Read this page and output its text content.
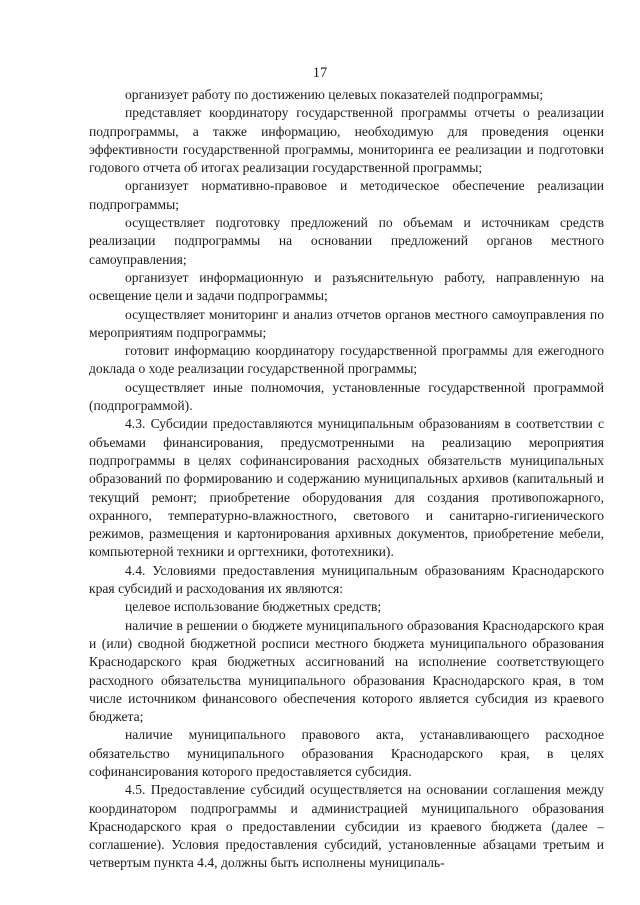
17

организует работу по достижению целевых показателей подпрограммы;

представляет координатору государственной программы отчеты о реализации подпрограммы, а также информацию, необходимую для проведения оценки эффективности государственной программы, мониторинга ее реализации и подготовки годового отчета об итогах реализации государственной программы;

организует нормативно-правовое и методическое обеспечение реализации подпрограммы;

осуществляет подготовку предложений по объемам и источникам средств реализации подпрограммы на основании предложений органов местного самоуправления;

организует информационную и разъяснительную работу, направленную на освещение цели и задачи подпрограммы;

осуществляет мониторинг и анализ отчетов органов местного самоуправления по мероприятиям подпрограммы;

готовит информацию координатору государственной программы для ежегодного доклада о ходе реализации государственной программы;

осуществляет иные полномочия, установленные государственной программой (подпрограммой).

4.3. Субсидии предоставляются муниципальным образованиям в соответствии с объемами финансирования, предусмотренными на реализацию мероприятия подпрограммы в целях софинансирования расходных обязательств муниципальных образований по формированию и содержанию муниципальных архивов (капитальный и текущий ремонт; приобретение оборудования для создания противопожарного, охранного, температурно-влажностного, светового и санитарно-гигиенического режимов, размещения и картонирования архивных документов, приобретение мебели, компьютерной техники и оргтехники, фототехники).

4.4. Условиями предоставления муниципальным образованиям Краснодарского края субсидий и расходования их являются:

целевое использование бюджетных средств;

наличие в решении о бюджете муниципального образования Краснодарского края и (или) сводной бюджетной росписи местного бюджета муниципального образования Краснодарского края бюджетных ассигнований на исполнение соответствующего расходного обязательства муниципального образования Краснодарского края, в том числе источником финансового обеспечения которого является субсидия из краевого бюджета;

наличие муниципального правового акта, устанавливающего расходное обязательство муниципального образования Краснодарского края, в целях софинансирования которого предоставляется субсидия.

4.5. Предоставление субсидий осуществляется на основании соглашения между координатором подпрограммы и администрацией муниципального образования Краснодарского края о предоставлении субсидии из краевого бюджета (далее – соглашение). Условия предоставления субсидий, установленные абзацами третьим и четвертым пункта 4.4, должны быть исполнены муниципаль-
